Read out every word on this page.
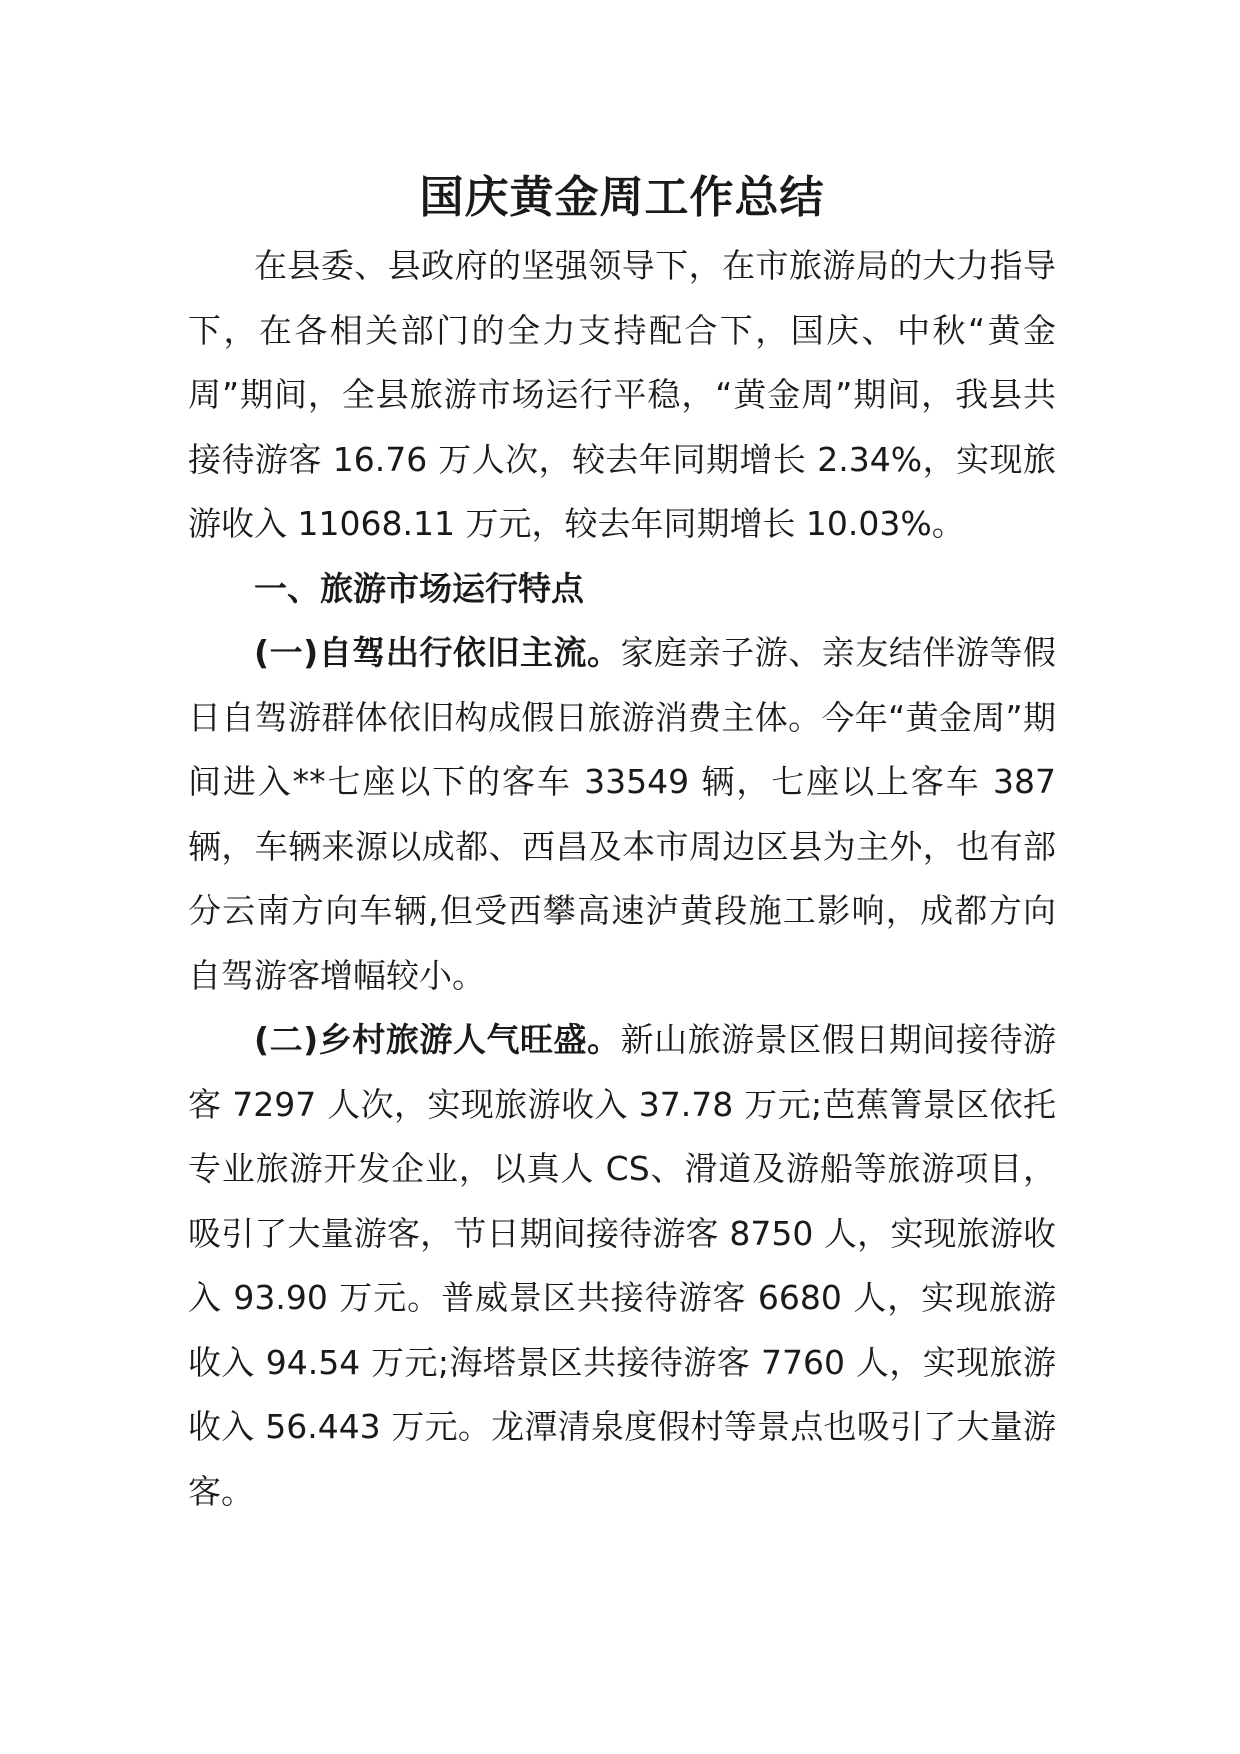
国庆黄金周工作总结

在县委、县政府的坚强领导下，在市旅游局的大力指导下，在各相关部门的全力支持配合下，国庆、中秋“黄金周”期间，全县旅游市场运行平稳，“黄金周”期间，我县共接待游客 16.76 万人次，较去年同期增长 2.34%，实现旅游收入 11068.11 万元，较去年同期增长 10.03%。

一、旅游市场运行特点

(一)自驾出行依旧主流。家庭亲子游、亲友结伴游等假日自驾游群体依旧构成假日旅游消费主体。今年“黄金周”期间进入**七座以下的客车 33549 辆，七座以上客车 387 辆，车辆来源以成都、西昌及本市周边区县为主外，也有部分云南方向车辆,但受西攀高速泸黄段施工影响，成都方向自驾游客增幅较小。

(二)乡村旅游人气旺盛。新山旅游景区假日期间接待游客 7297 人次，实现旅游收入 37.78 万元;芭蕉箐景区依托专业旅游开发企业，以真人 CS、滑道及游船等旅游项目，吸引了大量游客，节日期间接待游客 8750 人，实现旅游收入 93.90 万元。普威景区共接待游客 6680 人，实现旅游收入 94.54 万元;海塔景区共接待游客 7760 人，实现旅游收入 56.443 万元。龙潭清泉度假村等景点也吸引了大量游客。
